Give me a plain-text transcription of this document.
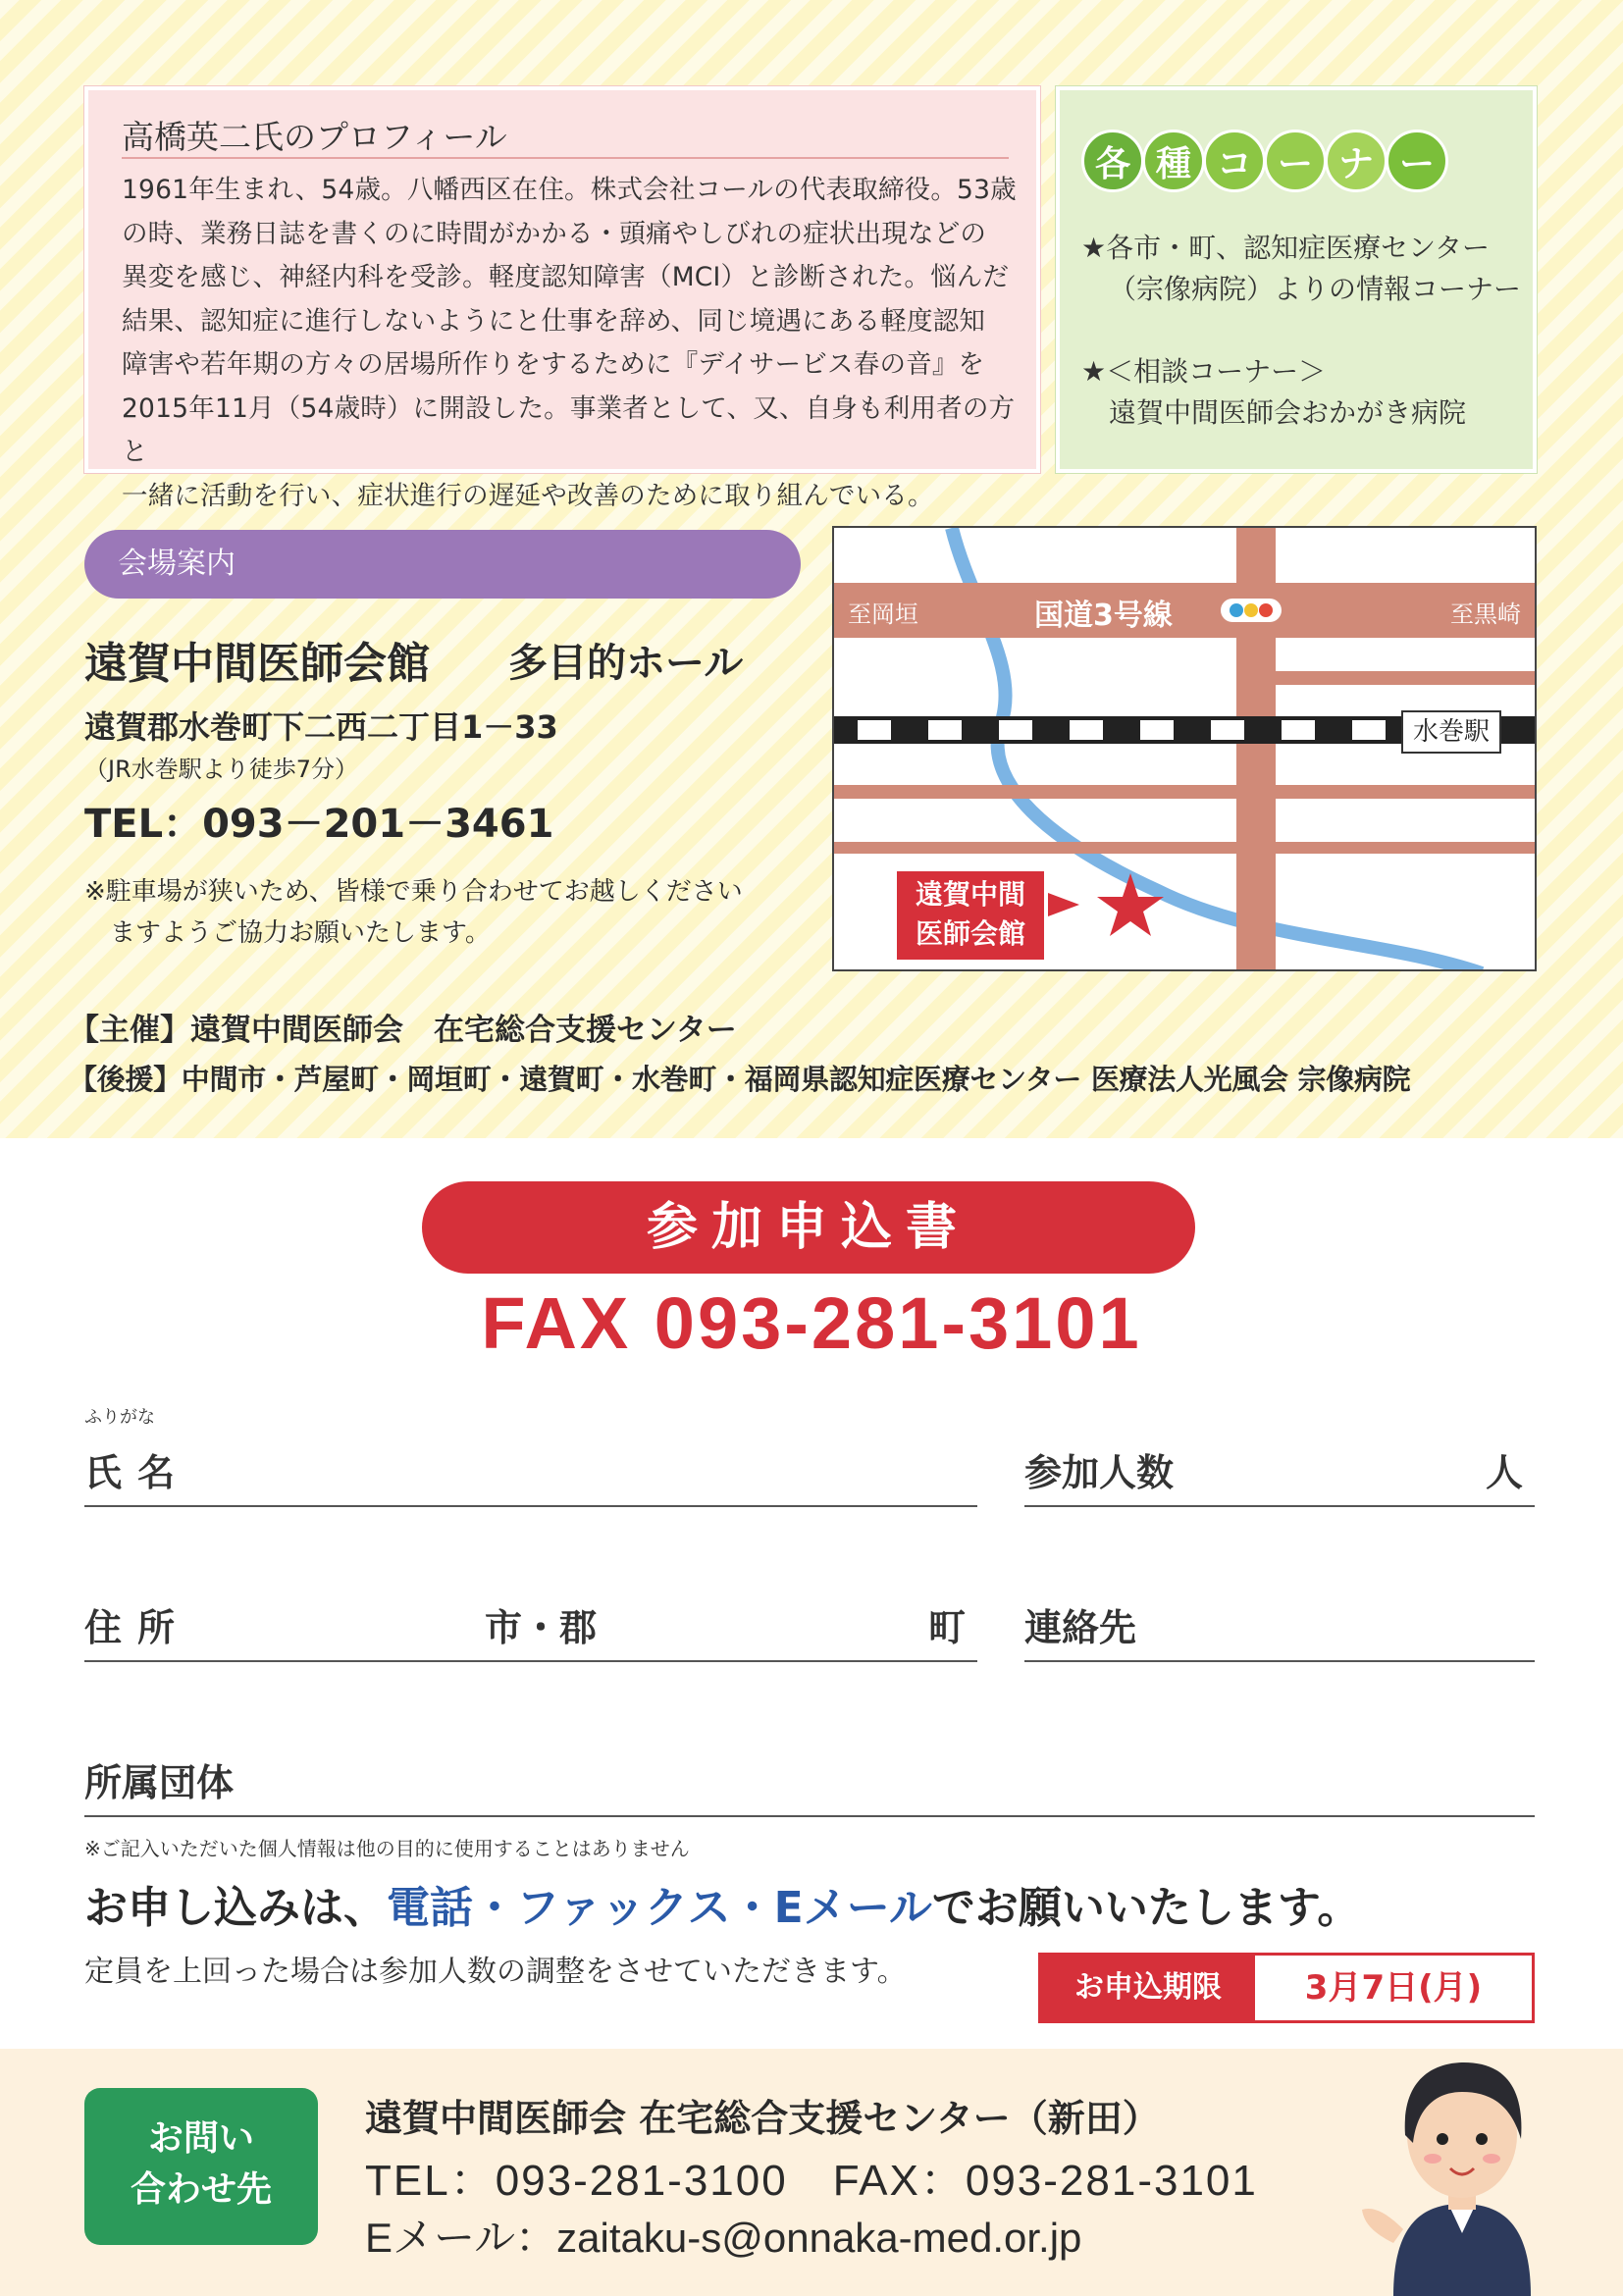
高橋英二氏のプロフィール
1961年生まれ、54歳。八幡西区在住。株式会社コールの代表取締役。53歳
の時、業務日誌を書くのに時間がかかる・頭痛やしびれの症状出現などの
異変を感じ、神経内科を受診。軽度認知障害（MCI）と診断された。悩んだ
結果、認知症に進行しないようにと仕事を辞め、同じ境遇にある軽度認知
障害や若年期の方々の居場所作りをするために『デイサービス春の音』を
2015年11月（54歳時）に開設した。事業者として、又、自身も利用者の方と
一緒に活動を行い、症状進行の遅延や改善のために取り組んでいる。
各 種 コ ー ナ ー
★各市・町、認知症医療センター
（宗像病院）よりの情報コーナー
★＜相談コーナー＞
遠賀中間医師会おかがき病院
会場案内
遠賀中間医師会館 多目的ホール
遠賀郡水巻町下二西二丁目1－33
（JR水巻駅より徒歩7分）
TEL：093－201－3461
※駐車場が狭いため、皆様で乗り合わせてお越しください
ますようご協力お願いたします。
至岡垣	国道3号線	至黒崎
水巻駅
遠賀中間
医師会館
【主催】遠賀中間医師会　在宅総合支援センター
【後援】中間市・芦屋町・岡垣町・遠賀町・水巻町・福岡県認知症医療センター 医療法人光風会 宗像病院
参加申込書
FAX 093-281-3101
ふりがな
氏名	参加人数	人
住所	市・郡	町 連絡先
所属団体
※ご記入いただいた個人情報は他の目的に使用することはありません
お申し込みは、電話・ファックス・Eメールでお願いいたします。
定員を上回った場合は参加人数の調整をさせていただきます。	お申込期限	3月7日(月)
お問い
合わせ先
遠賀中間医師会 在宅総合支援センター（新田）
TEL：093-281-3100　FAX：093-281-3101
Eメール：zaitaku-s@onnaka-med.or.jp
